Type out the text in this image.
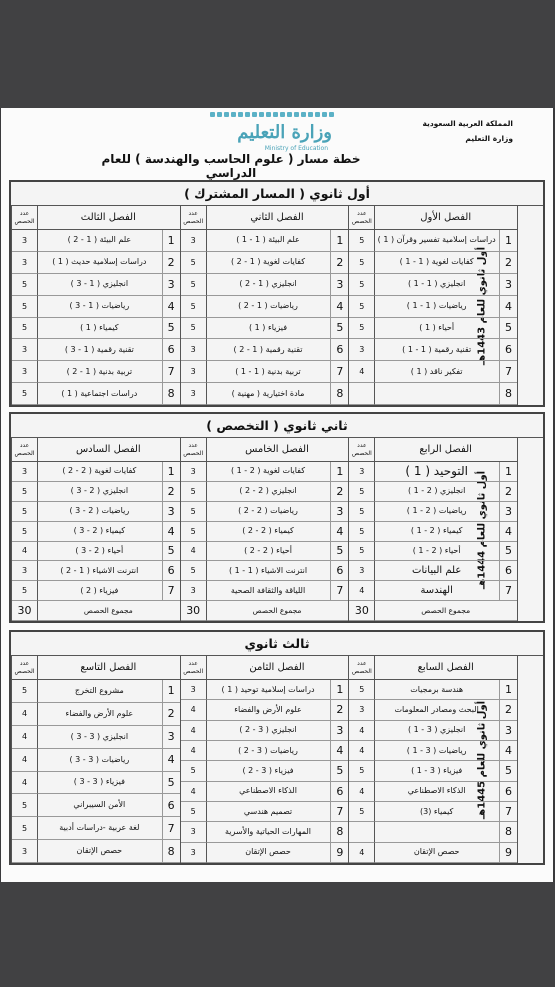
المملكة العربية السعودية
وزارة التعليم
وزارة التعليم
Ministry of Education
خطة مسار ( علوم الحاسب والهندسة ) للعام الدراسي
أول ثانوي ( المسار المشترك )
أول ثانوي للعام 1443هـ
الفصل الأول
عدد الحصص
1
دراسات إسلامية تفسير وقرآن ( 1 )
5
2
كفايات لغوية ( 1 - 1 )
5
3
انجليزي ( 1 - 1 )
5
4
رياضيات ( 1 - 1 )
5
5
أحياء ( 1 )
5
6
تقنية رقمية ( 1 - 1 )
3
7
تفكير ناقد ( 1 )
4
8
الفصل الثاني
عدد الحصص
1
علم البيئة ( 1 - 1 )
3
2
كفايات لغوية ( 1 - 2 )
5
3
انجليزي ( 1 - 2 )
5
4
رياضيات ( 1 - 2 )
5
5
فيزياء ( 1 )
5
6
تقنية رقمية ( 1 - 2 )
3
7
تربية بدنية ( 1 - 1 )
3
8
مادة اختيارية ( مهنية )
3
الفصل الثالث
عدد الحصص
1
علم البيئة ( 1 - 2 )
3
2
دراسات إسلامية حديث ( 1 )
3
3
انجليزي ( 1 - 3 )
5
4
رياضيات ( 1 - 3 )
5
5
كيمياء ( 1 )
5
6
تقنية رقمية ( 1 - 3 )
3
7
تربية بدنية ( 1 - 2 )
3
8
دراسات اجتماعية ( 1 )
5
ثاني ثانوي ( التخصص )
أول ثانوي للعام 1444هـ
الفصل الرابع
عدد الحصص
1
التوحيد ( 1 )
3
2
انجليزي ( 2 - 1 )
5
3
رياضيات ( 2 - 1 )
5
4
كيمياء ( 2 - 1 )
5
5
أحياء ( 2 - 1 )
5
6
علم البيانات
3
7
الهندسة
4
مجموع الحصص
30
الفصل الخامس
عدد الحصص
1
كفايات لغوية ( 2 - 1 )
3
2
انجليزي ( 2 - 2 )
5
3
رياضيات ( 2 - 2 )
5
4
كيمياء ( 2 - 2 )
5
5
أحياء ( 2 - 2 )
4
6
انترنت الاشياء ( 1 - 1 )
5
7
اللياقة والثقافة الصحية
3
مجموع الحصص
30
الفصل السادس
عدد الحصص
1
كفايات لغوية ( 2 - 2 )
3
2
انجليزي ( 2 - 3 )
5
3
رياضيات ( 2 - 3 )
5
4
كيمياء ( 2 - 3 )
5
5
أحياء ( 2 - 3 )
4
6
انترنت الاشياء ( 1 - 2 )
3
7
فيزياء ( 2 )
5
مجموع الحصص
30
ثالث ثانوي
أول ثانوي للعام 1445هـ
الفصل السابع
عدد الحصص
1
هندسة برمجيات
5
2
البحث ومصادر المعلومات
3
3
انجليزي ( 3 - 1 )
4
4
رياضيات ( 3 - 1 )
4
5
فيزياء ( 3 - 1 )
5
6
الذكاء الاصطناعي
4
7
كيمياء (3)
5
8
9
حصص الإتقان
4
الفصل الثامن
عدد الحصص
1
دراسات إسلامية توحيد ( 1 )
3
2
علوم الأرض والفضاء
4
3
انجليزي ( 3 - 2 )
4
4
رياضيات ( 3 - 2 )
4
5
فيزياء ( 3 - 2 )
5
6
الذكاء الاصطناعي
4
7
تصميم هندسي
5
8
المهارات الحياتية والأسرية
3
9
حصص الإتقان
3
الفصل التاسع
عدد الحصص
1
مشروع التخرج
5
2
علوم الأرض والفضاء
4
3
انجليزي ( 3 - 3 )
4
4
رياضيات ( 3 - 3 )
4
5
فيزياء ( 3 - 3 )
4
6
الأمن السيبراني
5
7
لغة عربية -دراسات أدبية
5
8
حصص الإتقان
3
